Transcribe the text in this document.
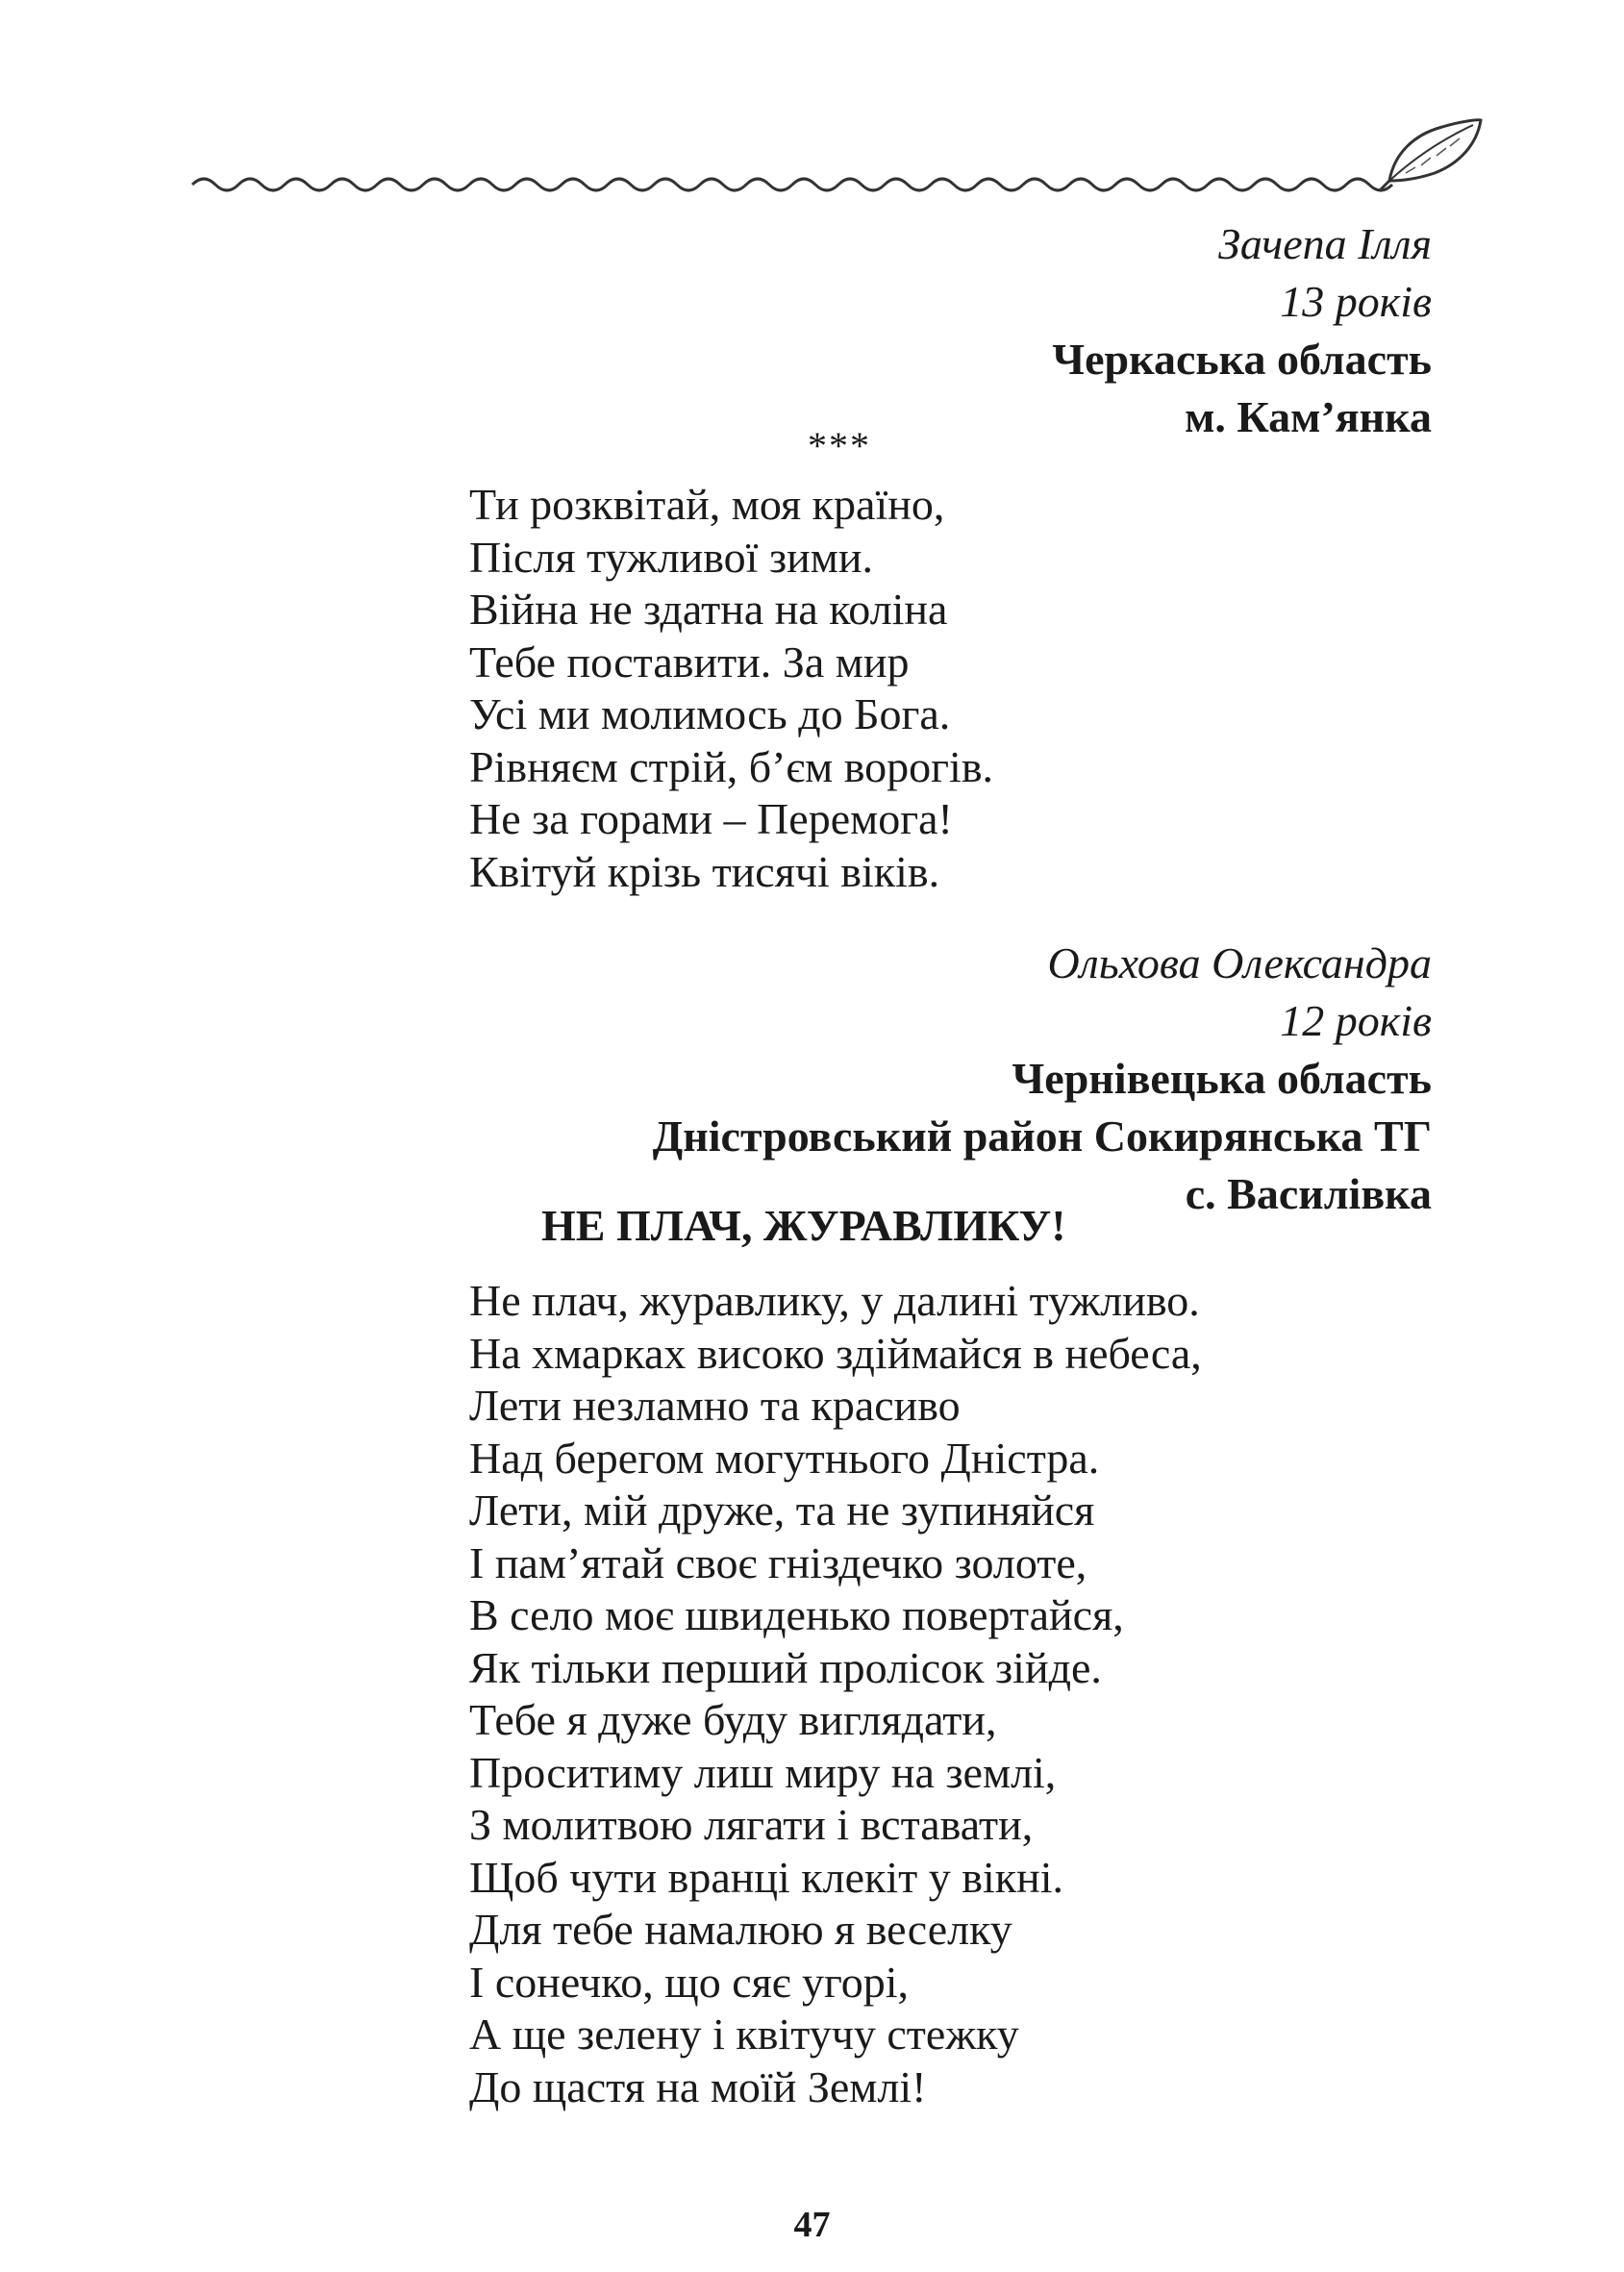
Зачепа Ілля
13 років
Черкаська область
м. Кам’янка
***
Ти розквітай, моя країно,
Після тужливої зими.
Війна не здатна на коліна
Тебе поставити. За мир
Усі ми молимось до Бога.
Рівняєм стрій, б’єм ворогів.
Не за горами – Перемога!
Квітуй крізь тисячі віків.
Ольхова Олександра
12 років
Чернівецька область
Дністровський район Сокирянська ТГ
с. Василівка
НЕ ПЛАЧ, ЖУРАВЛИКУ!
Не плач, журавлику, у далині тужливо.
На хмарках високо здіймайся в небеса,
Лети незламно та красиво
Над берегом могутнього Дністра.
Лети, мій друже, та не зупиняйся
І пам’ятай своє гніздечко золоте,
В село моє швиденько повертайся,
Як тільки перший пролісок зійде.
Тебе я дуже буду виглядати,
Проситиму лиш миру на землі,
З молитвою лягати і вставати,
Щоб чути вранці клекіт у вікні.
Для тебе намалюю я веселку
І сонечко, що сяє угорі,
А ще зелену і квітучу стежку
До щастя на моїй Землі!
47
